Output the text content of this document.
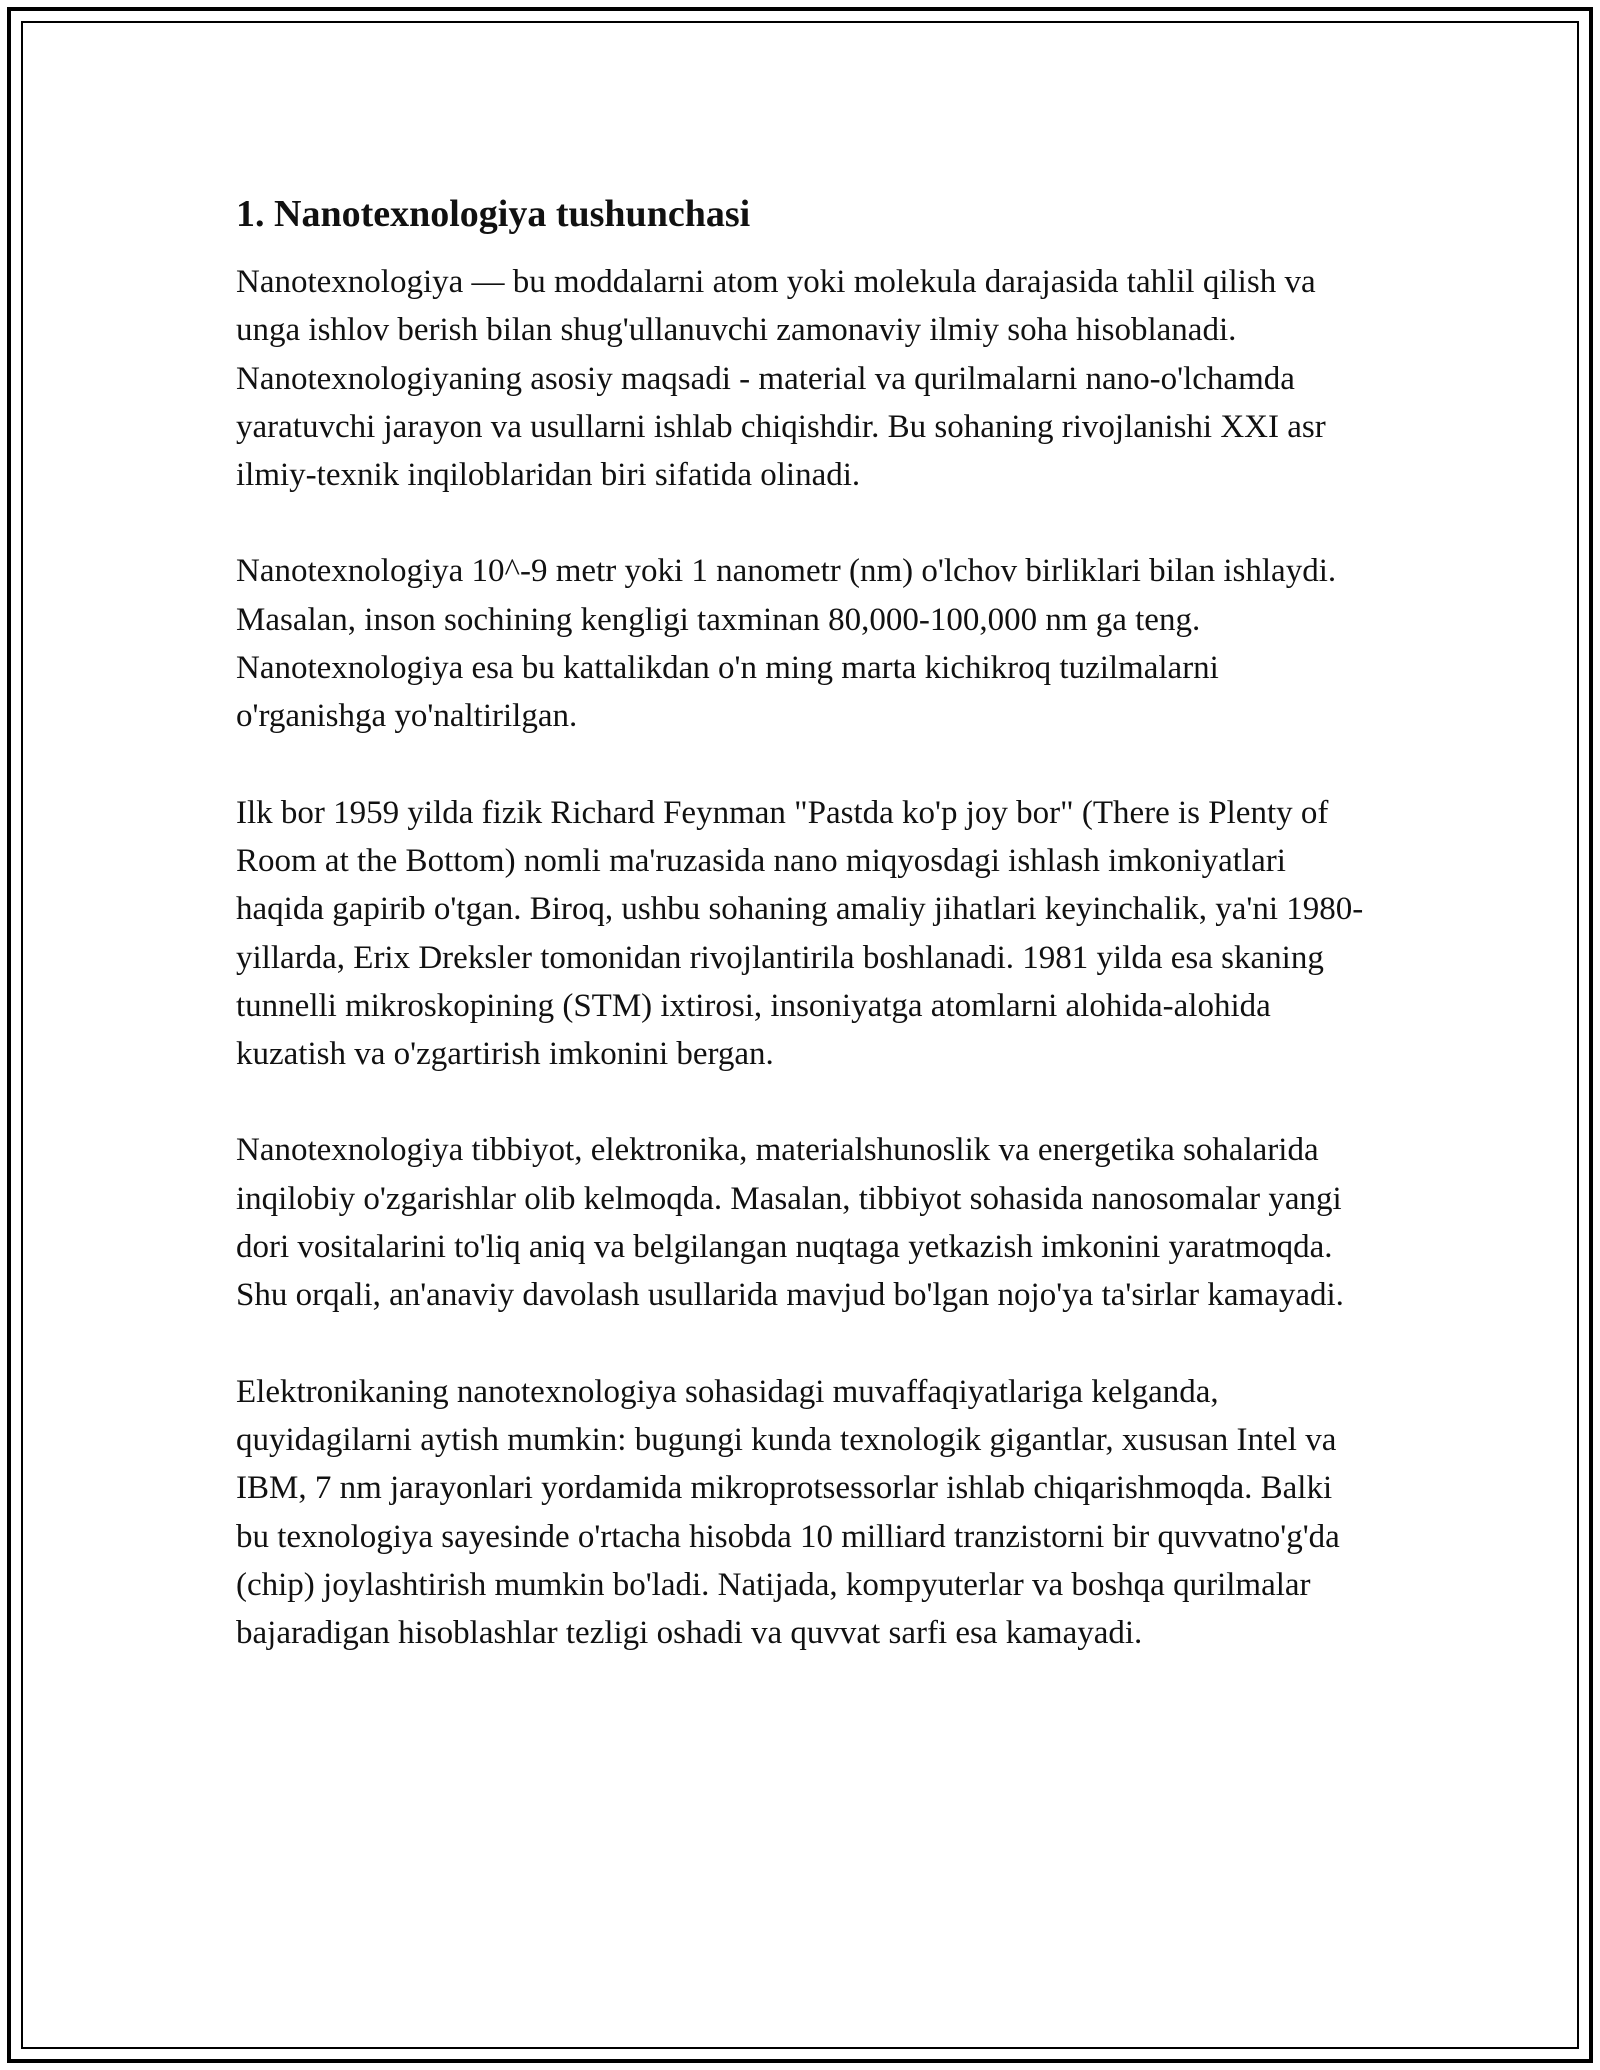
1. Nanotexnologiya tushunchasi

Nanotexnologiya — bu moddalarni atom yoki molekula darajasida tahlil qilish va unga ishlov berish bilan shug'ullanuvchi zamonaviy ilmiy soha hisoblanadi. Nanotexnologiyaning asosiy maqsadi - material va qurilmalarni nano-o'lchamda yaratuvchi jarayon va usullarni ishlab chiqishdir. Bu sohaning rivojlanishi XXI asr ilmiy-texnik inqiloblaridan biri sifatida olinadi.

Nanotexnologiya 10^-9 metr yoki 1 nanometr (nm) o'lchov birliklari bilan ishlaydi. Masalan, inson sochining kengligi taxminan 80,000-100,000 nm ga teng. Nanotexnologiya esa bu kattalikdan o'n ming marta kichikroq tuzilmalarni o'rganishga yo'naltirilgan.

Ilk bor 1959 yilda fizik Richard Feynman "Pastda ko'p joy bor" (There is Plenty of Room at the Bottom) nomli ma'ruzasida nano miqyosdagi ishlash imkoniyatlari haqida gapirib o'tgan. Biroq, ushbu sohaning amaliy jihatlari keyinchalik, ya'ni 1980-yillarda, Erix Dreksler tomonidan rivojlantirila boshlanadi. 1981 yilda esa skaning tunnelli mikroskopining (STM) ixtirosi, insoniyatga atomlarni alohida-alohida kuzatish va o'zgartirish imkonini bergan.

Nanotexnologiya tibbiyot, elektronika, materialshunoslik va energetika sohalarida inqilobiy o'zgarishlar olib kelmoqda. Masalan, tibbiyot sohasida nanosomalar yangi dori vositalarini to'liq aniq va belgilangan nuqtaga yetkazish imkonini yaratmoqda. Shu orqali, an'anaviy davolash usullarida mavjud bo'lgan nojo'ya ta'sirlar kamayadi.

Elektronikaning nanotexnologiya sohasidagi muvaffaqiyatlariga kelganda, quyidagilarni aytish mumkin: bugungi kunda texnologik gigantlar, xususan Intel va IBM, 7 nm jarayonlari yordamida mikroprotsessorlar ishlab chiqarishmoqda. Balki bu texnologiya sayesinde o'rtacha hisobda 10 milliard tranzistorni bir quvvatno'g'da (chip) joylashtirish mumkin bo'ladi. Natijada, kompyuterlar va boshqa qurilmalar bajaradigan hisoblashlar tezligi oshadi va quvvat sarfi esa kamayadi.
